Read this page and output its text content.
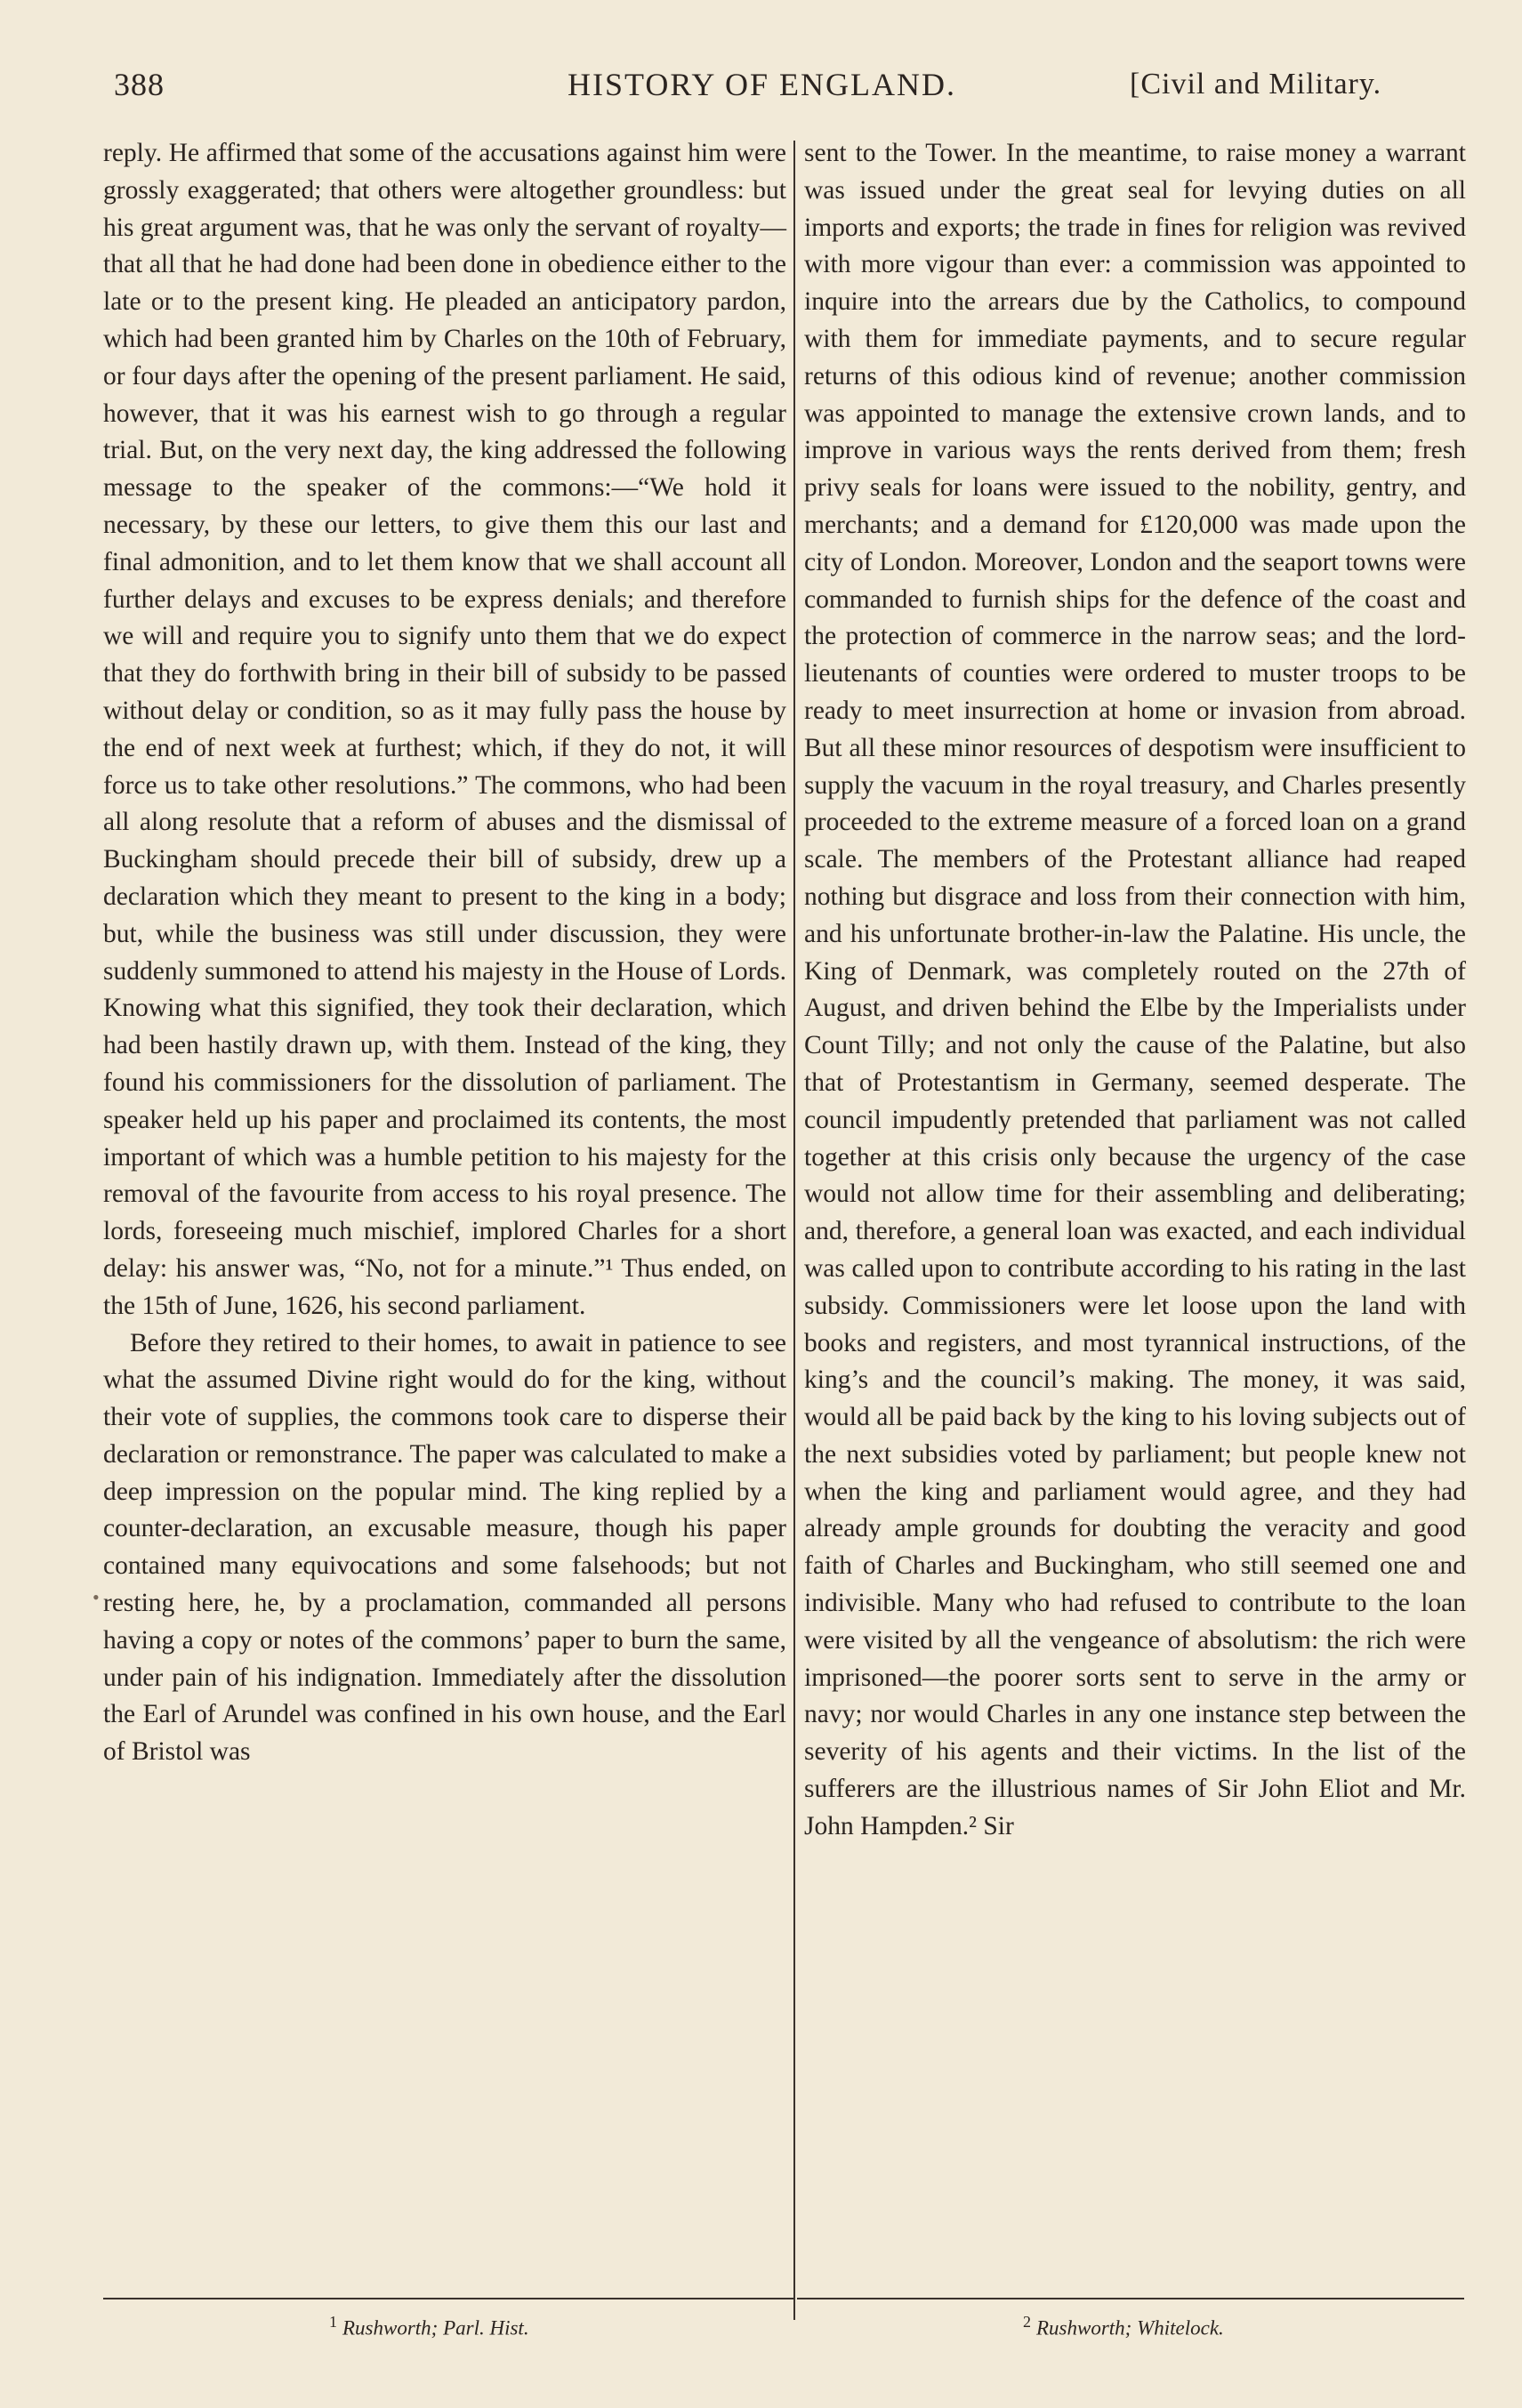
388	HISTORY OF ENGLAND.	[Civil and Military.

reply. He affirmed that some of the accusations against him were grossly exaggerated; that others were altogether groundless: but his great argument was, that he was only the servant of royalty—that all that he had done had been done in obedience either to the late or to the present king. He pleaded an anticipatory pardon, which had been granted him by Charles on the 10th of February, or four days after the opening of the present parliament. He said, however, that it was his earnest wish to go through a regular trial. But, on the very next day, the king addressed the following message to the speaker of the commons:—“We hold it necessary, by these our letters, to give them this our last and final admonition, and to let them know that we shall account all further delays and excuses to be express denials; and therefore we will and require you to signify unto them that we do expect that they do forthwith bring in their bill of subsidy to be passed without delay or condition, so as it may fully pass the house by the end of next week at furthest; which, if they do not, it will force us to take other resolutions.” The commons, who had been all along resolute that a reform of abuses and the dismissal of Buckingham should precede their bill of subsidy, drew up a declaration which they meant to present to the king in a body; but, while the business was still under discussion, they were suddenly summoned to attend his majesty in the House of Lords. Knowing what this signified, they took their declaration, which had been hastily drawn up, with them. Instead of the king, they found his commissioners for the dissolution of parliament. The speaker held up his paper and proclaimed its contents, the most important of which was a humble petition to his majesty for the removal of the favourite from access to his royal presence. The lords, foreseeing much mischief, implored Charles for a short delay: his answer was, “No, not for a minute.”¹ Thus ended, on the 15th of June, 1626, his second parliament.

Before they retired to their homes, to await in patience to see what the assumed Divine right would do for the king, without their vote of supplies, the commons took care to disperse their declaration or remonstrance. The paper was calculated to make a deep impression on the popular mind. The king replied by a counter-declaration, an excusable measure, though his paper contained many equivocations and some falsehoods; but not resting here, he, by a proclamation, commanded all persons having a copy or notes of the commons’ paper to burn the same, under pain of his indignation. Immediately after the dissolution the Earl of Arundel was confined in his own house, and the Earl of Bristol was

sent to the Tower. In the meantime, to raise money a warrant was issued under the great seal for levying duties on all imports and exports; the trade in fines for religion was revived with more vigour than ever: a commission was appointed to inquire into the arrears due by the Catholics, to compound with them for immediate payments, and to secure regular returns of this odious kind of revenue; another commission was appointed to manage the extensive crown lands, and to improve in various ways the rents derived from them; fresh privy seals for loans were issued to the nobility, gentry, and merchants; and a demand for £120,000 was made upon the city of London. Moreover, London and the seaport towns were commanded to furnish ships for the defence of the coast and the protection of commerce in the narrow seas; and the lord-lieutenants of counties were ordered to muster troops to be ready to meet insurrection at home or invasion from abroad. But all these minor resources of despotism were insufficient to supply the vacuum in the royal treasury, and Charles presently proceeded to the extreme measure of a forced loan on a grand scale. The members of the Protestant alliance had reaped nothing but disgrace and loss from their connection with him, and his unfortunate brother-in-law the Palatine. His uncle, the King of Denmark, was completely routed on the 27th of August, and driven behind the Elbe by the Imperialists under Count Tilly; and not only the cause of the Palatine, but also that of Protestantism in Germany, seemed desperate. The council impudently pretended that parliament was not called together at this crisis only because the urgency of the case would not allow time for their assembling and deliberating; and, therefore, a general loan was exacted, and each individual was called upon to contribute according to his rating in the last subsidy. Commissioners were let loose upon the land with books and registers, and most tyrannical instructions, of the king’s and the council’s making. The money, it was said, would all be paid back by the king to his loving subjects out of the next subsidies voted by parliament; but people knew not when the king and parliament would agree, and they had already ample grounds for doubting the veracity and good faith of Charles and Buckingham, who still seemed one and indivisible. Many who had refused to contribute to the loan were visited by all the vengeance of absolutism: the rich were imprisoned—the poorer sorts sent to serve in the army or navy; nor would Charles in any one instance step between the severity of his agents and their victims. In the list of the sufferers are the illustrious names of Sir John Eliot and Mr. John Hampden.² Sir

•
$^1$ Rushworth; Parl. Hist.	$^2$ Rushworth; Whitelock.
